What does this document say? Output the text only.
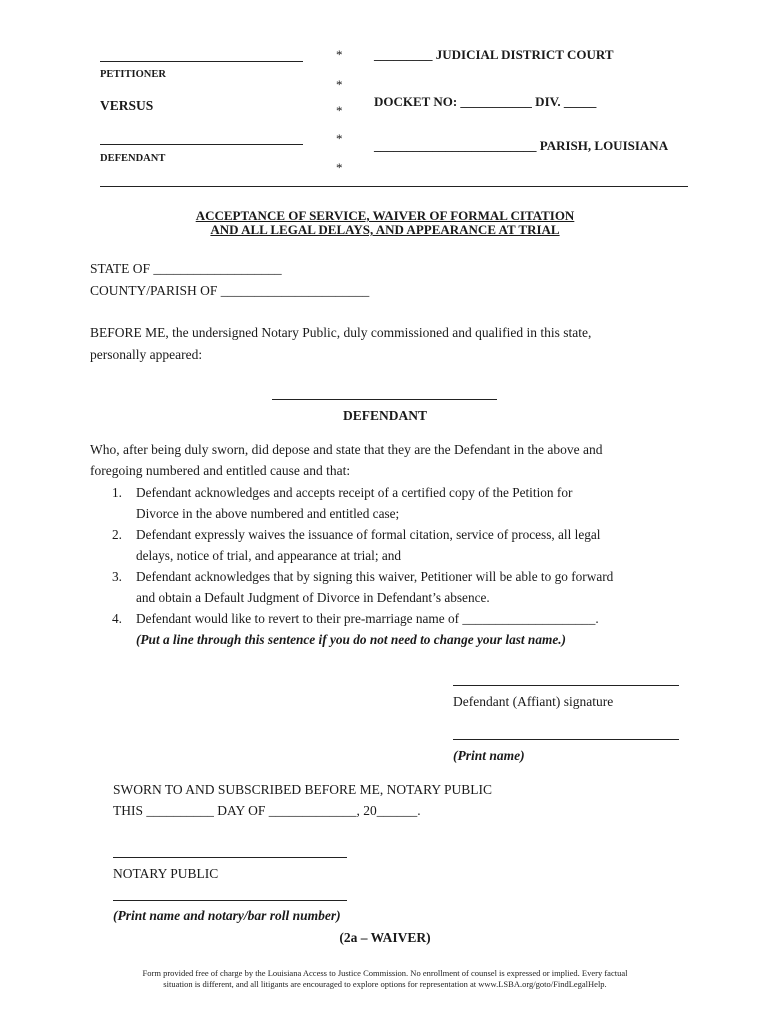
PETITIONER
VERSUS
DEFENDANT
*
*
*
*
*
_________ JUDICIAL DISTRICT COURT
DOCKET NO: ___________ DIV. _____
_________________________ PARISH, LOUISIANA
ACCEPTANCE OF SERVICE, WAIVER OF FORMAL CITATION
AND ALL LEGAL DELAYS, AND APPEARANCE AT TRIAL
STATE OF ___________________
COUNTY/PARISH OF ______________________
BEFORE ME, the undersigned Notary Public, duly commissioned and qualified in this state,
personally appeared:
DEFENDANT
Who, after being duly sworn, did depose and state that they are the Defendant in the above and
foregoing numbered and entitled cause and that:
1. Defendant acknowledges and accepts receipt of a certified copy of the Petition for
Divorce in the above numbered and entitled case;
2. Defendant expressly waives the issuance of formal citation, service of process, all legal
delays, notice of trial, and appearance at trial; and
3. Defendant acknowledges that by signing this waiver, Petitioner will be able to go forward
and obtain a Default Judgment of Divorce in Defendant’s absence.
4. Defendant would like to revert to their pre-marriage name of ____________________.
(Put a line through this sentence if you do not need to change your last name.)
Defendant (Affiant) signature
(Print name)
SWORN TO AND SUBSCRIBED BEFORE ME, NOTARY PUBLIC
THIS __________ DAY OF _____________, 20______.
NOTARY PUBLIC
(Print name and notary/bar roll number)
(2a – WAIVER)
Form provided free of charge by the Louisiana Access to Justice Commission. No enrollment of counsel is expressed or implied. Every factual
situation is different, and all litigants are encouraged to explore options for representation at www.LSBA.org/goto/FindLegalHelp.
